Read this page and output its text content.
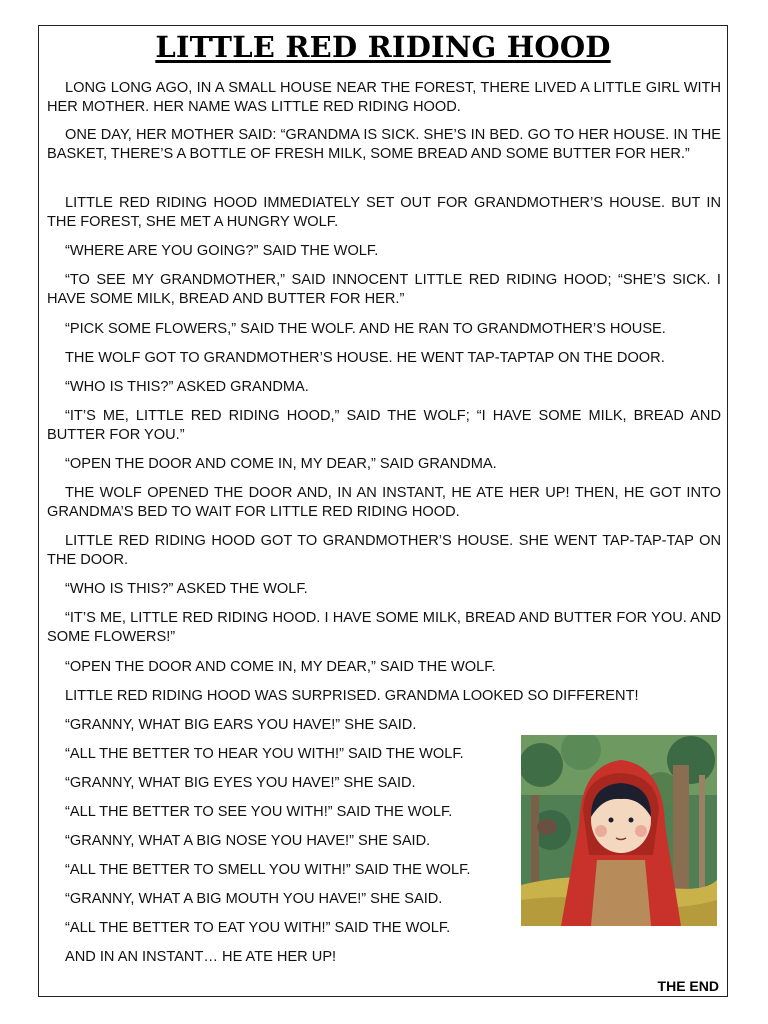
LITTLE RED RIDING HOOD

LONG LONG AGO, IN A SMALL HOUSE NEAR THE FOREST, THERE LIVED A LITTLE GIRL WITH HER MOTHER. HER NAME WAS LITTLE RED RIDING HOOD.

ONE DAY, HER MOTHER SAID: “GRANDMA IS SICK. SHE’S IN BED. GO TO HER HOUSE. IN THE BASKET, THERE’S A BOTTLE OF FRESH MILK, SOME BREAD AND SOME BUTTER FOR HER.”

LITTLE RED RIDING HOOD IMMEDIATELY SET OUT FOR GRANDMOTHER’S HOUSE. BUT IN THE FOREST, SHE MET A HUNGRY WOLF.

“WHERE ARE YOU GOING?” SAID THE WOLF.

“TO SEE MY GRANDMOTHER,” SAID INNOCENT LITTLE RED RIDING HOOD; “SHE’S SICK. I HAVE SOME MILK, BREAD AND BUTTER FOR HER.”

“PICK SOME FLOWERS,” SAID THE WOLF. AND HE RAN TO GRANDMOTHER’S HOUSE.

THE WOLF GOT TO GRANDMOTHER’S HOUSE. HE WENT TAP-TAPTAP ON THE DOOR.

“WHO IS THIS?” ASKED GRANDMA.

“IT’S ME, LITTLE RED RIDING HOOD,” SAID THE WOLF; “I HAVE SOME MILK, BREAD AND BUTTER FOR YOU.”

“OPEN THE DOOR AND COME IN, MY DEAR,” SAID GRANDMA.

THE WOLF OPENED THE DOOR AND, IN AN INSTANT, HE ATE HER UP! THEN, HE GOT INTO GRANDMA’S BED TO WAIT FOR LITTLE RED RIDING HOOD.

LITTLE RED RIDING HOOD GOT TO GRANDMOTHER’S HOUSE. SHE WENT TAP-TAP-TAP ON THE DOOR.

“WHO IS THIS?” ASKED THE WOLF.

“IT’S ME, LITTLE RED RIDING HOOD. I HAVE SOME MILK, BREAD AND BUTTER FOR YOU. AND SOME FLOWERS!”

“OPEN THE DOOR AND COME IN, MY DEAR,” SAID THE WOLF.

LITTLE RED RIDING HOOD WAS SURPRISED. GRANDMA LOOKED SO DIFFERENT!

“GRANNY, WHAT BIG EARS YOU HAVE!” SHE SAID.

“ALL THE BETTER TO HEAR YOU WITH!” SAID THE WOLF.

“GRANNY, WHAT BIG EYES YOU HAVE!” SHE SAID.

“ALL THE BETTER TO SEE YOU WITH!” SAID THE WOLF.

“GRANNY, WHAT A BIG NOSE YOU HAVE!” SHE SAID.

“ALL THE BETTER TO SMELL YOU WITH!” SAID THE WOLF.

“GRANNY, WHAT A BIG MOUTH YOU HAVE!” SHE SAID.

“ALL THE BETTER TO EAT YOU WITH!” SAID THE WOLF.

AND IN AN INSTANT… HE ATE HER UP!

THE END
